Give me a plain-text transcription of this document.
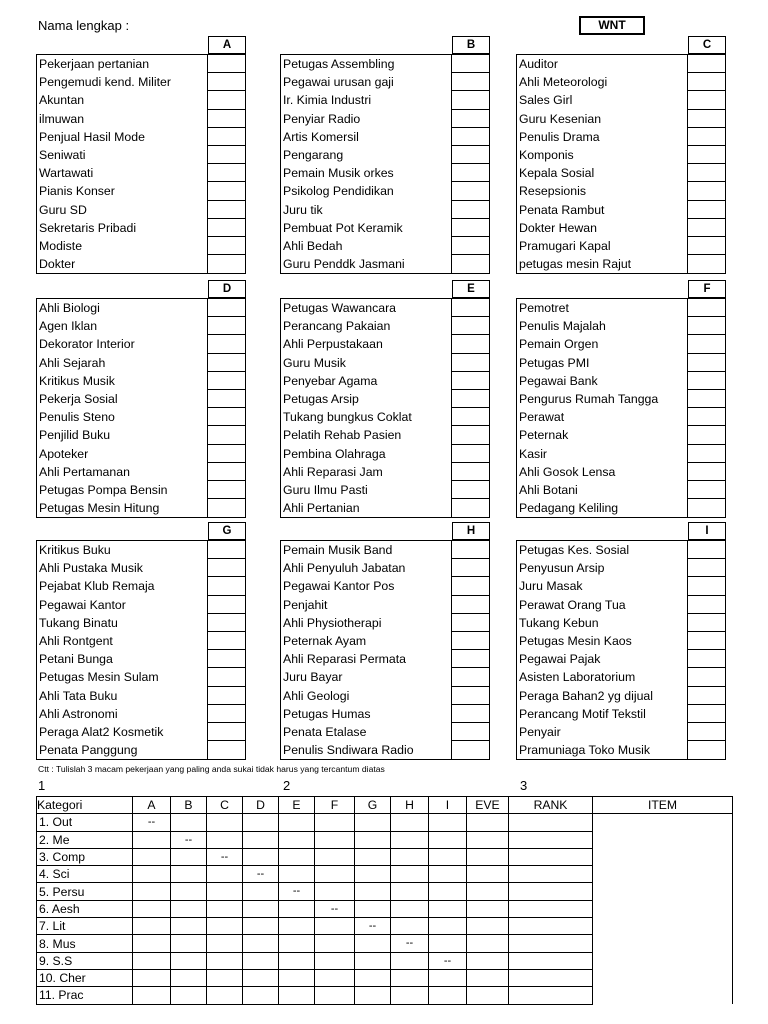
Nama lengkap :	WNT
A
Pekerjaan pertanian
Pengemudi kend. Militer
Akuntan
ilmuwan
Penjual Hasil Mode
Seniwati
Wartawati
Pianis Konser
Guru SD
Sekretaris Pribadi
Modiste
Dokter
B
Petugas Assembling
Pegawai urusan gaji
Ir. Kimia Industri
Penyiar Radio
Artis Komersil
Pengarang
Pemain Musik orkes
Psikolog Pendidikan
Juru tik
Pembuat Pot Keramik
Ahli Bedah
Guru Penddk Jasmani
C
Auditor
Ahli Meteorologi
Sales Girl
Guru Kesenian
Penulis Drama
Komponis
Kepala Sosial
Resepsionis
Penata Rambut
Dokter Hewan
Pramugari Kapal
petugas mesin Rajut
D
Ahli Biologi
Agen Iklan
Dekorator Interior
Ahli Sejarah
Kritikus Musik
Pekerja Sosial
Penulis Steno
Penjilid Buku
Apoteker
Ahli Pertamanan
Petugas Pompa Bensin
Petugas Mesin Hitung
E
Petugas Wawancara
Perancang Pakaian
Ahli Perpustakaan
Guru Musik
Penyebar Agama
Petugas Arsip
Tukang bungkus Coklat
Pelatih Rehab Pasien
Pembina Olahraga
Ahli Reparasi Jam
Guru Ilmu Pasti
Ahli Pertanian
F
Pemotret
Penulis Majalah
Pemain Orgen
Petugas PMI
Pegawai Bank
Pengurus Rumah Tangga
Perawat
Peternak
Kasir
Ahli Gosok Lensa
Ahli Botani
Pedagang Keliling
G
Kritikus Buku
Ahli Pustaka Musik
Pejabat Klub Remaja
Pegawai Kantor
Tukang Binatu
Ahli Rontgent
Petani Bunga
Petugas Mesin Sulam
Ahli Tata Buku
Ahli Astronomi
Peraga Alat2 Kosmetik
Penata Panggung
H
Pemain Musik Band
Ahli Penyuluh Jabatan
Pegawai Kantor Pos
Penjahit
Ahli Physiotherapi
Peternak Ayam
Ahli Reparasi Permata
Juru Bayar
Ahli Geologi
Petugas Humas
Penata Etalase
Penulis Sndiwara Radio
I
Petugas Kes. Sosial
Penyusun Arsip
Juru Masak
Perawat Orang Tua
Tukang Kebun
Petugas Mesin Kaos
Pegawai Pajak
Asisten Laboratorium
Peraga Bahan2 yg dijual
Perancang Motif Tekstil
Penyair
Pramuniaga Toko Musik
Ctt : Tulislah 3 macam pekerjaan yang paling anda sukai tidak harus yang tercantum diatas
1	2	3
Kategori	A	B	C	D	E	F	G	H	I	EVE	RANK	ITEM
1. Out	--											
2. Me		--										
3. Comp			--									
4. Sci				--								
5. Persu					--							
6. Aesh						--						
7. Lit							--					
8. Mus								--				
9. S.S									--			
10. Cher												
11. Prac												
